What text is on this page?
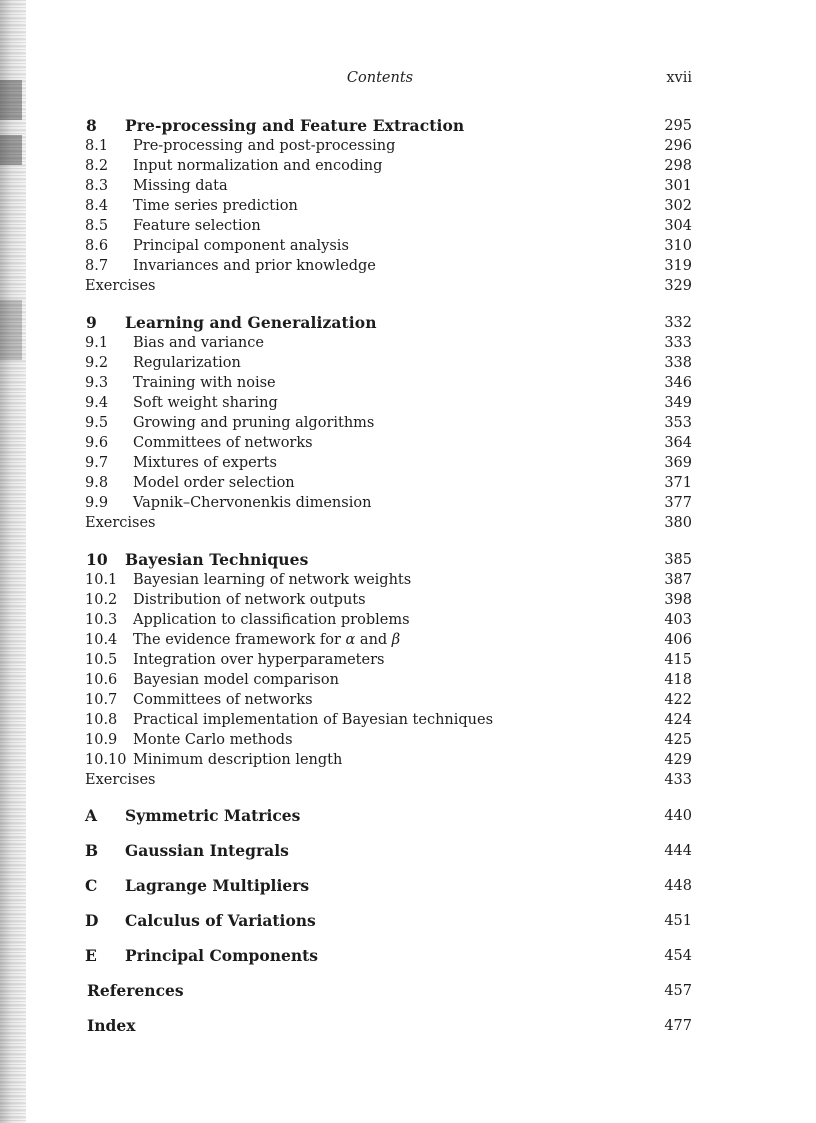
Contents	xvii
8 Pre-processing and Feature Extraction	295
8.1 Pre-processing and post-processing	296
8.2 Input normalization and encoding	298
8.3 Missing data	301
8.4 Time series prediction	302
8.5 Feature selection	304
8.6 Principal component analysis	310
8.7 Invariances and prior knowledge	319
Exercises	329
9 Learning and Generalization	332
9.1 Bias and variance	333
9.2 Regularization	338
9.3 Training with noise	346
9.4 Soft weight sharing	349
9.5 Growing and pruning algorithms	353
9.6 Committees of networks	364
9.7 Mixtures of experts	369
9.8 Model order selection	371
9.9 Vapnik–Chervonenkis dimension	377
Exercises	380
10 Bayesian Techniques	385
10.1 Bayesian learning of network weights	387
10.2 Distribution of network outputs	398
10.3 Application to classification problems	403
10.4 The evidence framework for α and β	406
10.5 Integration over hyperparameters	415
10.6 Bayesian model comparison	418
10.7 Committees of networks	422
10.8 Practical implementation of Bayesian techniques	424
10.9 Monte Carlo methods	425
10.10 Minimum description length	429
Exercises	433
A Symmetric Matrices	440
B Gaussian Integrals	444
C Lagrange Multipliers	448
D Calculus of Variations	451
E Principal Components	454
References	457
Index	477
